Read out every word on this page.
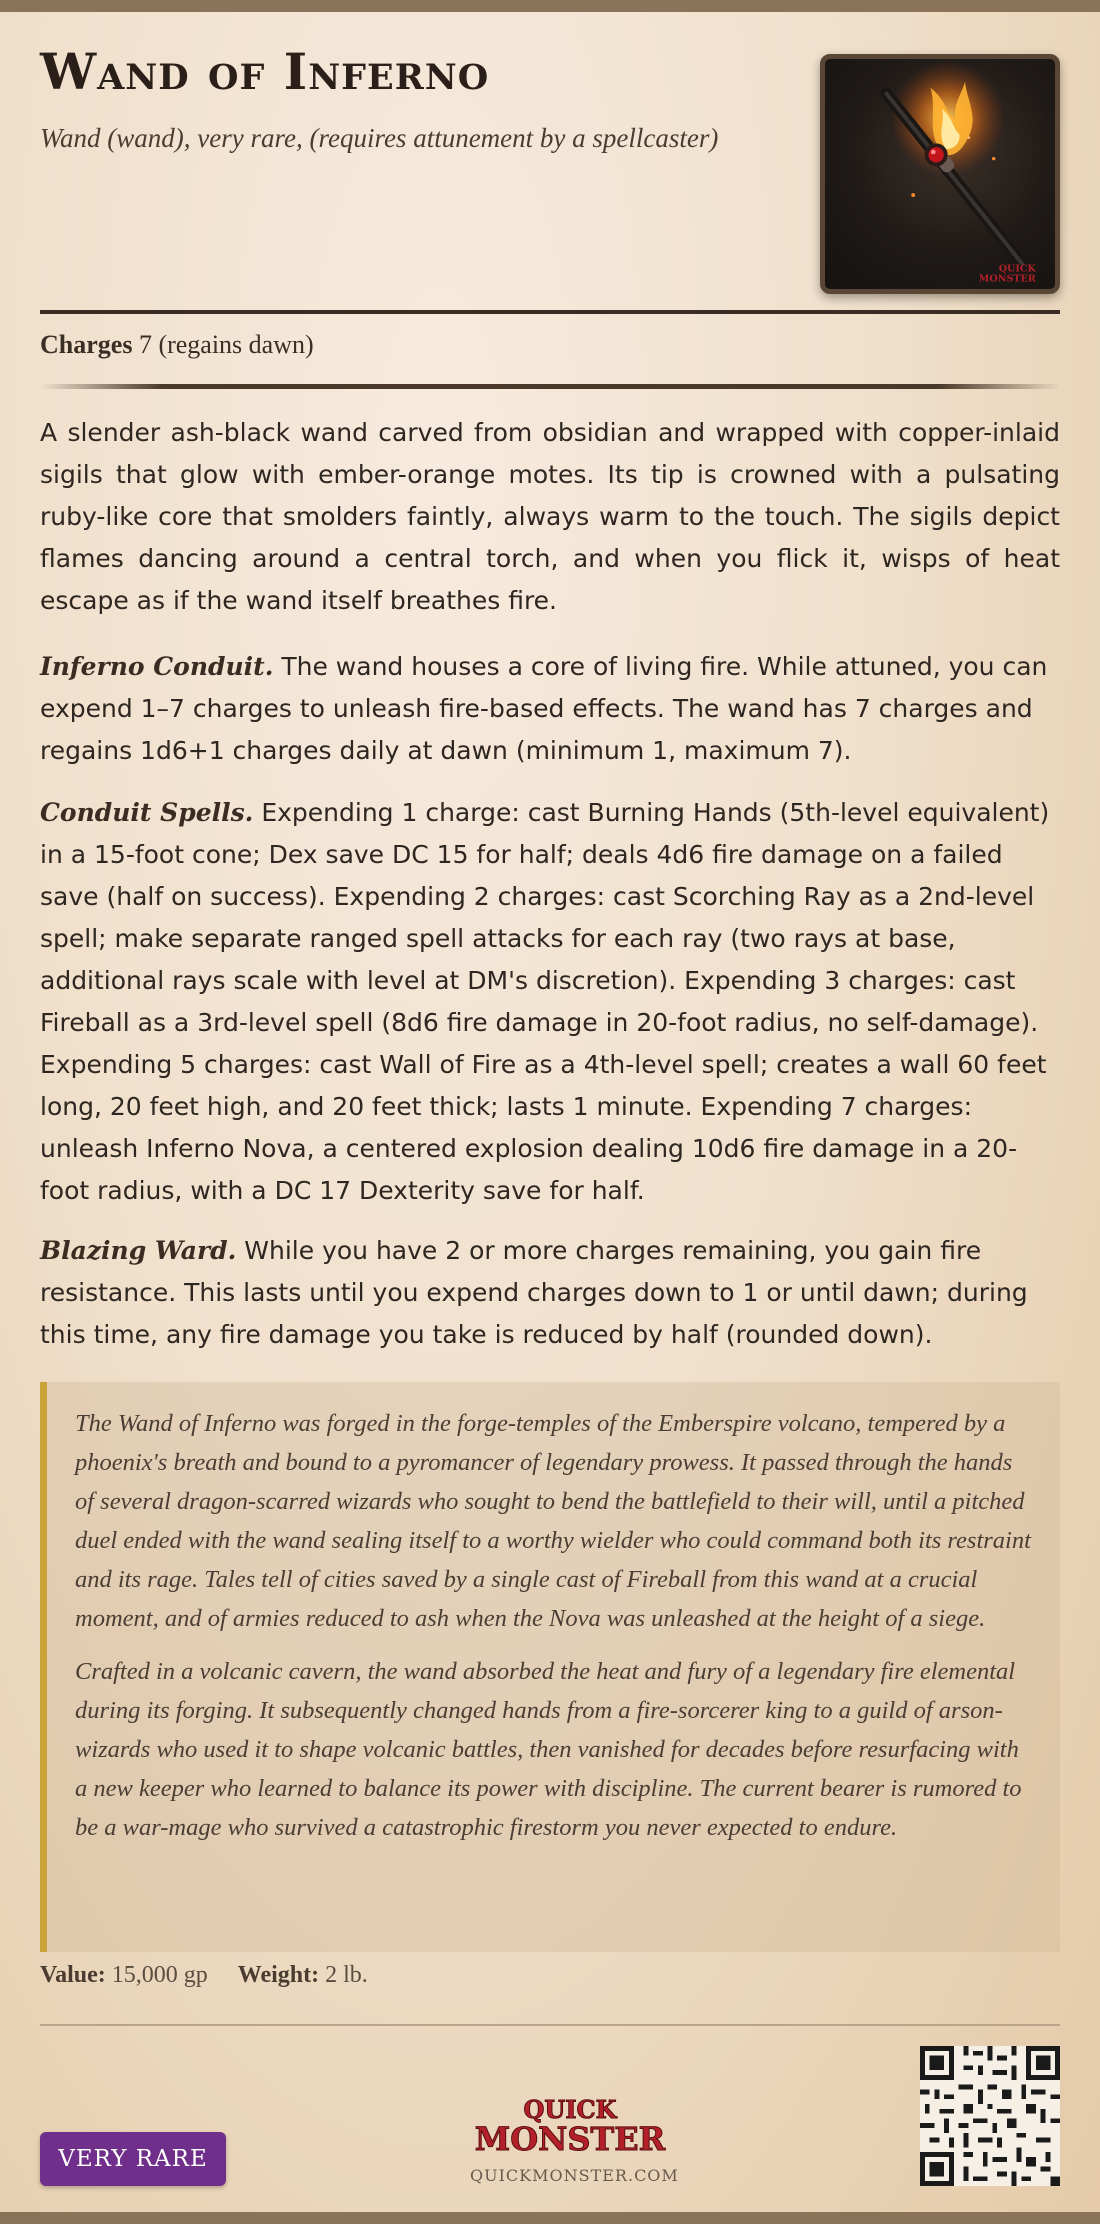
Wand of Inferno
Wand (wand), very rare, (requires attunement by a spellcaster)
QUICK
MONSTER
Charges 7 (regains dawn)
A slender ash-black wand carved from obsidian and wrapped with copper-inlaid sigils that glow with ember-orange motes. Its tip is crowned with a pulsating ruby-like core that smolders faintly, always warm to the touch. The sigils depict flames dancing around a central torch, and when you flick it, wisps of heat escape as if the wand itself breathes fire.
Inferno Conduit. The wand houses a core of living fire. While attuned, you can expend 1–7 charges to unleash fire-based effects. The wand has 7 charges and regains 1d6+1 charges daily at dawn (minimum 1, maximum 7).
Conduit Spells. Expending 1 charge: cast Burning Hands (5th-level equivalent) in a 15-foot cone; Dex save DC 15 for half; deals 4d6 fire damage on a failed save (half on success). Expending 2 charges: cast Scorching Ray as a 2nd-level spell; make separate ranged spell attacks for each ray (two rays at base, additional rays scale with level at DM's discretion). Expending 3 charges: cast Fireball as a 3rd-level spell (8d6 fire damage in 20-foot radius, no self-damage). Expending 5 charges: cast Wall of Fire as a 4th-level spell; creates a wall 60 feet long, 20 feet high, and 20 feet thick; lasts 1 minute. Expending 7 charges: unleash Inferno Nova, a centered explosion dealing 10d6 fire damage in a 20-foot radius, with a DC 17 Dexterity save for half.
Blazing Ward. While you have 2 or more charges remaining, you gain fire resistance. This lasts until you expend charges down to 1 or until dawn; during this time, any fire damage you take is reduced by half (rounded down).

The Wand of Inferno was forged in the forge-temples of the Emberspire volcano, tempered by a phoenix's breath and bound to a pyromancer of legendary prowess. It passed through the hands of several dragon-scarred wizards who sought to bend the battlefield to their will, until a pitched duel ended with the wand sealing itself to a worthy wielder who could command both its restraint and its rage. Tales tell of cities saved by a single cast of Fireball from this wand at a crucial moment, and of armies reduced to ash when the Nova was unleashed at the height of a siege.

Crafted in a volcanic cavern, the wand absorbed the heat and fury of a legendary fire elemental during its forging. It subsequently changed hands from a fire-sorcerer king to a guild of arson-wizards who used it to shape volcanic battles, then vanished for decades before resurfacing with a new keeper who learned to balance its power with discipline. The current bearer is rumored to be a war-mage who survived a catastrophic firestorm you never expected to endure.

Value: 15,000 gp Weight: 2 lb.
VERY RARE
QUICK
MONSTER
QUICKMONSTER.COM
